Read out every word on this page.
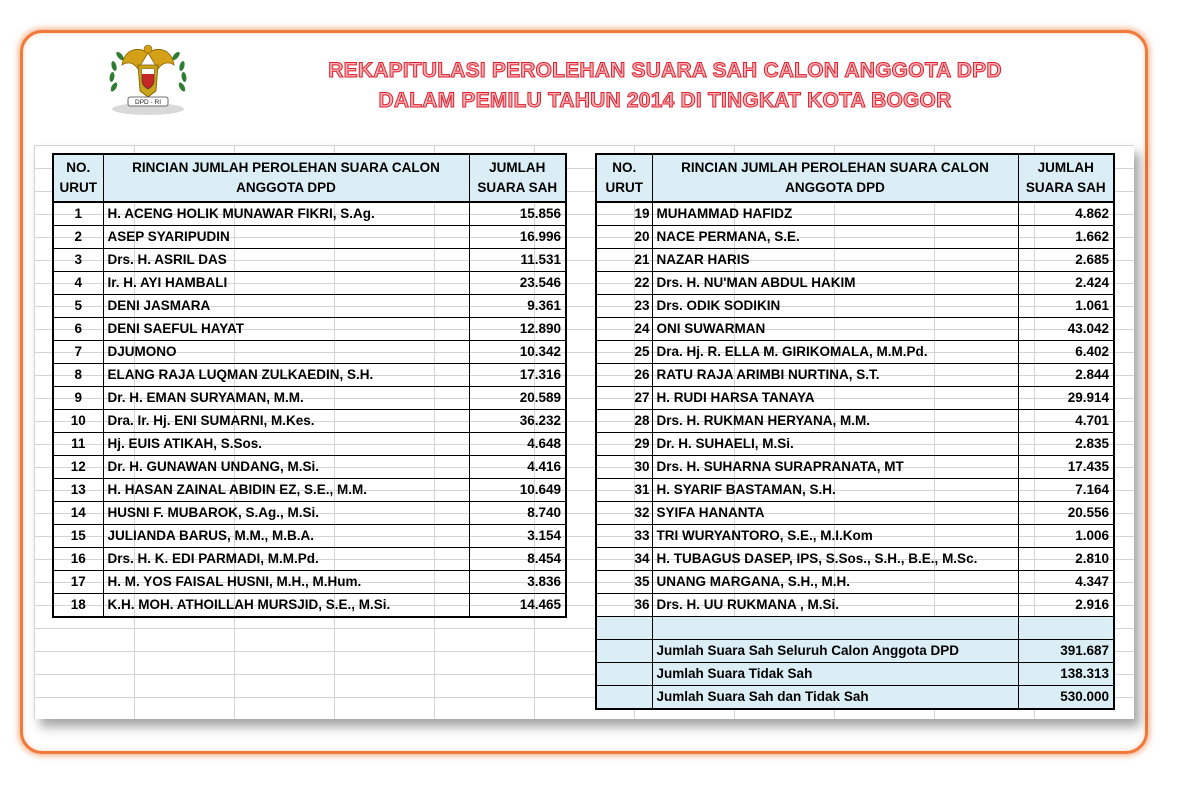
DPD - RI
REKAPITULASI PEROLEHAN SUARA SAH CALON ANGGOTA DPD
DALAM PEMILU TAHUN 2014 DI TINGKAT KOTA BOGOR
NO.
URUT	RINCIAN JUMLAH PEROLEHAN SUARA CALON
ANGGOTA DPD	JUMLAH
SUARA SAH
1	H. ACENG HOLIK MUNAWAR FIKRI, S.Ag.	15.856
2	ASEP SYARIPUDIN	16.996
3	Drs. H. ASRIL DAS	11.531
4	Ir. H. AYI HAMBALI	23.546
5	DENI JASMARA	9.361
6	DENI SAEFUL HAYAT	12.890
7	DJUMONO	10.342
8	ELANG RAJA LUQMAN ZULKAEDIN, S.H.	17.316
9	Dr. H. EMAN SURYAMAN, M.M.	20.589
10	Dra. Ir. Hj. ENI SUMARNI, M.Kes.	36.232
11	Hj. EUIS ATIKAH, S.Sos.	4.648
12	Dr. H. GUNAWAN UNDANG, M.Si.	4.416
13	H. HASAN ZAINAL ABIDIN EZ, S.E., M.M.	10.649
14	HUSNI F. MUBAROK, S.Ag., M.Si.	8.740
15	JULIANDA BARUS, M.M., M.B.A.	3.154
16	Drs. H. K. EDI PARMADI, M.M.Pd.	8.454
17	H. M. YOS FAISAL HUSNI, M.H., M.Hum.	3.836
18	K.H. MOH. ATHOILLAH MURSJID, S.E., M.Si.	14.465
NO.
URUT	RINCIAN JUMLAH PEROLEHAN SUARA CALON
ANGGOTA DPD	JUMLAH
SUARA SAH
19	MUHAMMAD HAFIDZ	4.862
20	NACE PERMANA, S.E.	1.662
21	NAZAR HARIS	2.685
22	Drs. H. NU'MAN ABDUL HAKIM	2.424
23	Drs. ODIK SODIKIN	1.061
24	ONI SUWARMAN	43.042
25	Dra. Hj. R. ELLA M. GIRIKOMALA, M.M.Pd.	6.402
26	RATU RAJA ARIMBI NURTINA, S.T.	2.844
27	H. RUDI HARSA TANAYA	29.914
28	Drs. H. RUKMAN HERYANA, M.M.	4.701
29	Dr. H. SUHAELI, M.Si.	2.835
30	Drs. H. SUHARNA SURAPRANATA, MT	17.435
31	H. SYARIF BASTAMAN, S.H.	7.164
32	SYIFA HANANTA	20.556
33	TRI WURYANTORO, S.E., M.I.Kom	1.006
34	H. TUBAGUS DASEP, IPS, S.Sos., S.H., B.E., M.Sc.	2.810
35	UNANG MARGANA, S.H., M.H.	4.347
36	Drs. H. UU RUKMANA , M.Si.	2.916

	Jumlah Suara Sah Seluruh Calon Anggota DPD	391.687
	Jumlah Suara Tidak Sah	138.313
	Jumlah Suara Sah dan Tidak Sah	530.000
